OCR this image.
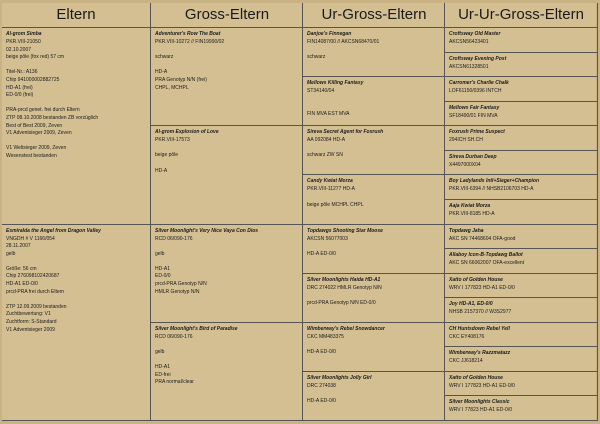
Eltern
Al-grom Simba
PKR.VIII-21050
02.10.2007
beige pôle (fox red) 57 cm

Titel-Nr.: A136
Chip 941000002882725
HD-A1 (frei)
ED-0/0 (frei)

PRA-prcd genet. frei durch Eltern
ZTP 08.10.2008 bestanden ZB vorzüglich
Best of Best 2009, Zeven
V1 Adventsieger 2009, Zeven

V1 Weltsieger 2009, Zeven
Wesenstest bestanden
Esmiralda the Angel from Dragon Valley
VNGDH # V 1166/054
28.11.2007
gelb

Größe: 56 cm
Chip 276098102420687
HD-A1 ED-0/0
prcd-PRA frei durch Eltern

ZTP 12.09.2009 bestanden
Zuchtbewertung: V1
Zuchtform: S-Standard
V1 Adventsieger 2009
Gross-Eltern
Adventurer's Row The Boat
PKR.VIII-10272 // FIN19990/02

schwarz

HD-A
PRA Genotyp N/N (frei)
CHPL, MCHPL
Al-grom Explosion of Love
PKR.VIII-17573

beige pôle

HD-A
Silver Moonlight's Very Nice Vaya Con Dios
RCD 06/090-176

gelb

HD-A1
ED-0/0
prcd-PRA Genotyp N/N
HMLR Genotyp N/N
Silver Moonlight's Bird of Paradise
RCD 06/090-176

gelb

HD-A1
ED-frei
PRA normal/clear
Ur-Gross-Eltern
Danjoe's Finnegan
FIN14087/00 // AKCSN68470/01

schwarz
Mellows Killing Fantasy
ST34140/04

FIN MVA EST MVA
Sireva Secret Agent for Foxrush
AA 092084 HD-A

schwarz ZW SN
Candy Kwiat Morza
PKR.VIII-11277 HD-A

beige pôle MCHPL CHPL
Topdawgs Shooting Star Moose
AKCSN 56077003

HD-A ED-0/0
Silver Moonlights Haida HD-A1
DRC 274022 HMLR Genotyp N/N

prcd-PRA Genotyp N/N ED-0/0
Wimberway's Rebel Snowdancer
CKC MM483375

HD-A ED-0/0
Silver Moonlights Jolly Girl
DRC 274038

HD-A ED-0/0
Ur-Ur-Gross-Eltern
Croftsway Old Master
AKCSN56423401
Croftsway Evening Post
AKCSN61328501
Carromer's Charlie Chalk
LOF61150/0396 INTCH
Mellows Fair Fantasy
SF18490/01 FIN MVA
Foxrush Prime Suspect
294ICH SH.CH
Sireva Durban Deep
X4497000X04
Boy Ladylands Intl+Sieger+Champion
PKR.VIII-6394 // NHSB2106703 HD-A
Aaja Kwiat Morza
PKR.VIII-8185 HD-A
Topdawg Jaha
AKC SN 74468604 OFA-good
Allaboy Icon-B-Topdawg Ballot
AKC SN 66062007 OFA-excellent
Xatto of Golden House
WRV I 177823 HD-A1 ED-0/0
Joy HD-A1, ED-0/0
NHSB 2157370 // W3S2977
CH Huntsdown Rebel Yell
CKC EY408176
Wimberway's Razzmatazz
CKC JJ618214
Xatto of Golden House
WRV I 177823 HD-A1 ED-0/0
Silver Moonlights Classic
WRV I 77823 HD-A1 ED-0/0
